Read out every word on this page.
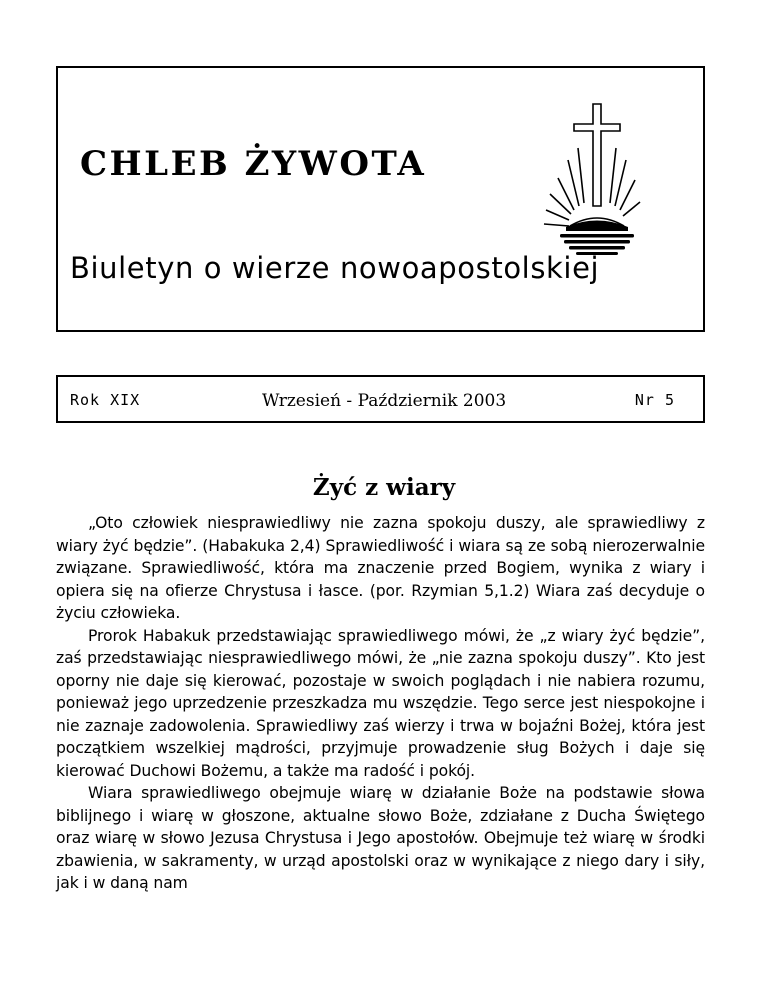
CHLEB ŻYWOTA
Biuletyn o wierze nowoapostolskiej
Rok XIX	Wrzesień - Październik 2003	Nr 5
Żyć z wiary

„Oto człowiek niesprawiedliwy nie zazna spokoju duszy, ale sprawiedliwy z wiary żyć będzie”. (Habakuka 2,4) Sprawiedliwość i wiara są ze sobą nierozerwalnie związane. Sprawiedliwość, która ma znaczenie przed Bogiem, wynika z wiary i opiera się na ofierze Chrystusa i łasce. (por. Rzymian 5,1.2) Wiara zaś decyduje o życiu człowieka.

Prorok Habakuk przedstawiając sprawiedliwego mówi, że „z wiary żyć będzie”, zaś przedstawiając niesprawiedliwego mówi, że „nie zazna spokoju duszy”. Kto jest oporny nie daje się kierować, pozostaje w swoich poglądach i nie nabiera rozumu, ponieważ jego uprzedzenie przeszkadza mu wszędzie. Tego serce jest niespokojne i nie zaznaje zadowolenia. Sprawiedliwy zaś wierzy i trwa w bojaźni Bożej, która jest początkiem wszelkiej mądrości, przyjmuje prowadzenie sług Bożych i daje się kierować Duchowi Bożemu, a także ma radość i pokój.

Wiara sprawiedliwego obejmuje wiarę w działanie Boże na podstawie słowa biblijnego i wiarę w głoszone, aktualne słowo Boże, zdziałane z Ducha Świętego oraz wiarę w słowo Jezusa Chrystusa i Jego apostołów. Obejmuje też wiarę w środki zbawienia, w sakramenty, w urząd apostolski oraz w wynikające z niego dary i siły, jak i w daną nam
